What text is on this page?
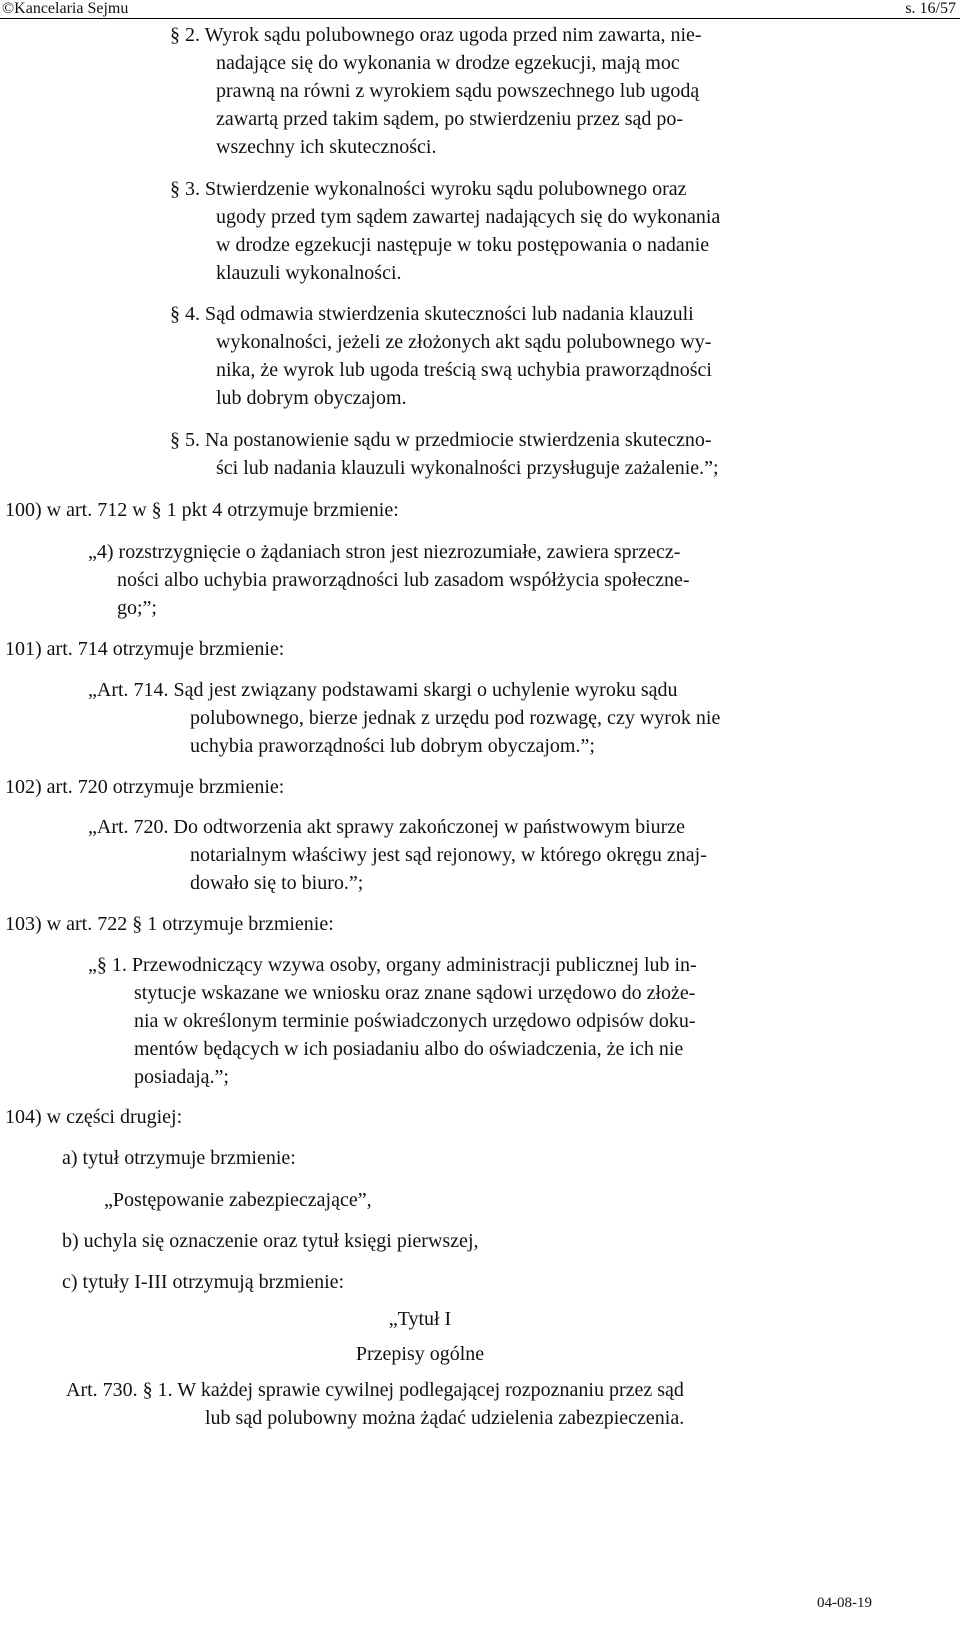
©Kancelaria Sejmu	s. 16/57
§ 2. Wyrok sądu polubownego oraz ugoda przed nim zawarta, nie-
nadające się do wykonania w drodze egzekucji, mają moc
prawną na równi z wyrokiem sądu powszechnego lub ugodą
zawartą przed takim sądem, po stwierdzeniu przez sąd po-
wszechny ich skuteczności.
§ 3. Stwierdzenie wykonalności wyroku sądu polubownego oraz
ugody przed tym sądem zawartej nadających się do wykonania
w drodze egzekucji następuje w toku postępowania o nadanie
klauzuli wykonalności.
§ 4. Sąd odmawia stwierdzenia skuteczności lub nadania klauzuli
wykonalności, jeżeli ze złożonych akt sądu polubownego wy-
nika, że wyrok lub ugoda treścią swą uchybia praworządności
lub dobrym obyczajom.
§ 5. Na postanowienie sądu w przedmiocie stwierdzenia skuteczno-
ści lub nadania klauzuli wykonalności przysługuje zażalenie.”;
100) w art. 712 w § 1 pkt 4 otrzymuje brzmienie:
„4) rozstrzygnięcie o żądaniach stron jest niezrozumiałe, zawiera sprzecz-
ności albo uchybia praworządności lub zasadom współżycia społeczne-
go;”;
101) art. 714 otrzymuje brzmienie:
„Art. 714. Sąd jest związany podstawami skargi o uchylenie wyroku sądu
polubownego, bierze jednak z urzędu pod rozwagę, czy wyrok nie
uchybia praworządności lub dobrym obyczajom.”;
102) art. 720 otrzymuje brzmienie:
„Art. 720. Do odtworzenia akt sprawy zakończonej w państwowym biurze
notarialnym właściwy jest sąd rejonowy, w którego okręgu znaj-
dowało się to biuro.”;
103) w art. 722 § 1 otrzymuje brzmienie:
„§ 1. Przewodniczący wzywa osoby, organy administracji publicznej lub in-
stytucje wskazane we wniosku oraz znane sądowi urzędowo do złoże-
nia w określonym terminie poświadczonych urzędowo odpisów doku-
mentów będących w ich posiadaniu albo do oświadczenia, że ich nie
posiadają.”;
104) w części drugiej:
a) tytuł otrzymuje brzmienie:
„Postępowanie zabezpieczające”,
b) uchyla się oznaczenie oraz tytuł księgi pierwszej,
c) tytuły I-III otrzymują brzmienie:
„Tytuł I
Przepisy ogólne
Art. 730. § 1. W każdej sprawie cywilnej podlegającej rozpoznaniu przez sąd
lub sąd polubowny można żądać udzielenia zabezpieczenia.
04-08-19
